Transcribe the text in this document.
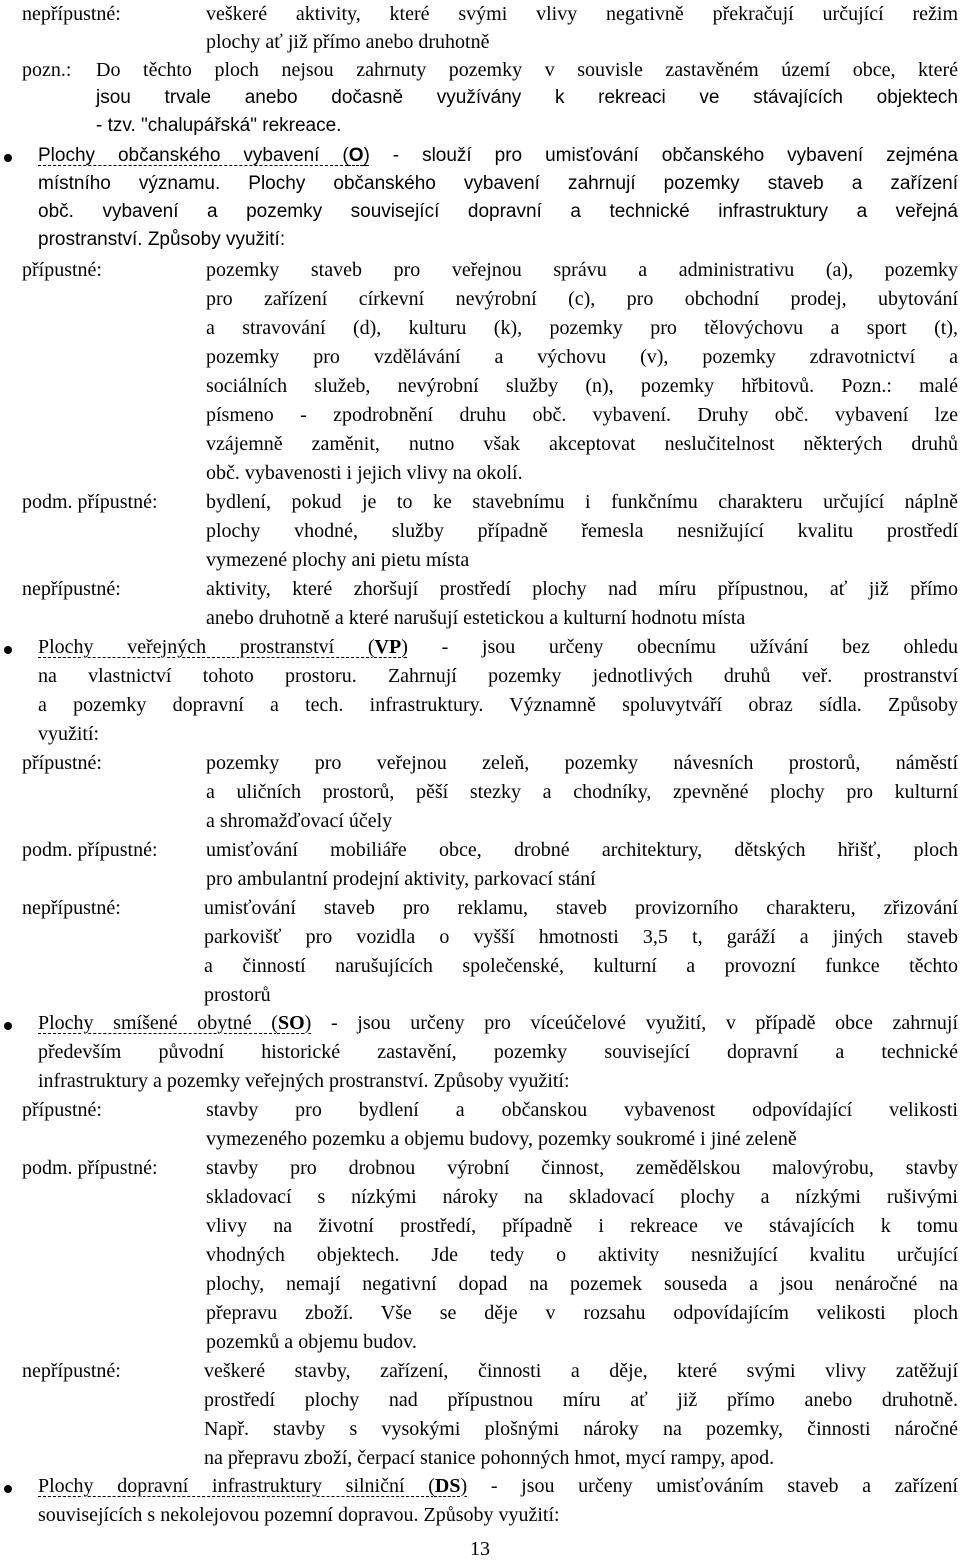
nepřípustné:	veškeré aktivity, které svými vlivy negativně překračují určující režim
plochy ať již přímo anebo druhotně
pozn.: Do těchto ploch nejsou zahrnuty pozemky v souvisle zastavěném území obce, které
jsou trvale anebo dočasně využívány k rekreaci ve stávajících objektech
- tzv. "chalupářská" rekreace.
Plochy občanského vybavení (O) - slouží pro umisťování občanského vybavení zejména
místního významu. Plochy občanského vybavení zahrnují pozemky staveb a zařízení
obč. vybavení a pozemky související dopravní a technické infrastruktury a veřejná
prostranství. Způsoby využití:
přípustné:	pozemky staveb pro veřejnou správu a administrativu (a), pozemky
pro zařízení církevní nevýrobní (c), pro obchodní prodej, ubytování
a stravování (d), kulturu (k), pozemky pro tělovýchovu a sport (t),
pozemky pro vzdělávání a výchovu (v), pozemky zdravotnictví a
sociálních služeb, nevýrobní služby (n), pozemky hřbitovů. Pozn.: malé
písmeno - zpodrobnění druhu obč. vybavení. Druhy obč. vybavení lze
vzájemně zaměnit, nutno však akceptovat neslučitelnost některých druhů
obč. vybavenosti i jejich vlivy na okolí.
podm. přípustné: bydlení, pokud je to ke stavebnímu i funkčnímu charakteru určující náplně
plochy vhodné, služby případně řemesla nesnižující kvalitu prostředí
vymezené plochy ani pietu místa
nepřípustné:	aktivity, které zhoršují prostředí plochy nad míru přípustnou, ať již přímo
anebo druhotně a které narušují estetickou a kulturní hodnotu místa
Plochy veřejných prostranství (VP) - jsou určeny obecnímu užívání bez ohledu
na vlastnictví tohoto prostoru. Zahrnují pozemky jednotlivých druhů veř. prostranství
a pozemky dopravní a tech. infrastruktury. Významně spoluvytváří obraz sídla. Způsoby
využití:
přípustné:	pozemky pro veřejnou zeleň, pozemky návesních prostorů, náměstí
a uličních prostorů, pěší stezky a chodníky, zpevněné plochy pro kulturní
a shromažďovací účely
podm. přípustné: umisťování mobiliáře obce, drobné architektury, dětských hřišť, ploch
pro ambulantní prodejní aktivity, parkovací stání
nepřípustné:	umisťování staveb pro reklamu, staveb provizorního charakteru, zřizování
parkovišť pro vozidla o vyšší hmotnosti 3,5 t, garáží a jiných staveb
a činností narušujících společenské, kulturní a provozní funkce těchto
prostorů
Plochy smíšené obytné (SO) - jsou určeny pro víceúčelové využití, v případě obce zahrnují
především původní historické zastavění, pozemky související dopravní a technické
infrastruktury a pozemky veřejných prostranství. Způsoby využití:
přípustné:	stavby pro bydlení a občanskou vybavenost odpovídající velikosti
vymezeného pozemku a objemu budovy, pozemky soukromé i jiné zeleně
podm. přípustné: stavby pro drobnou výrobní činnost, zemědělskou malovýrobu, stavby
skladovací s nízkými nároky na skladovací plochy a nízkými rušivými
vlivy na životní prostředí, případně i rekreace ve stávajících k tomu
vhodných objektech. Jde tedy o aktivity nesnižující kvalitu určující
plochy, nemají negativní dopad na pozemek souseda a jsou nenáročné na
přepravu zboží. Vše se děje v rozsahu odpovídajícím velikosti ploch
pozemků a objemu budov.
nepřípustné:	veškeré stavby, zařízení, činnosti a děje, které svými vlivy zatěžují
prostředí plochy nad přípustnou míru ať již přímo anebo druhotně.
Např. stavby s vysokými plošnými nároky na pozemky, činnosti náročné
na přepravu zboží, čerpací stanice pohonných hmot, mycí rampy, apod.
Plochy dopravní infrastruktury silniční (DS) - jsou určeny umisťováním staveb a zařízení
souvisejících s nekolejovou pozemní dopravou. Způsoby využití:
13
